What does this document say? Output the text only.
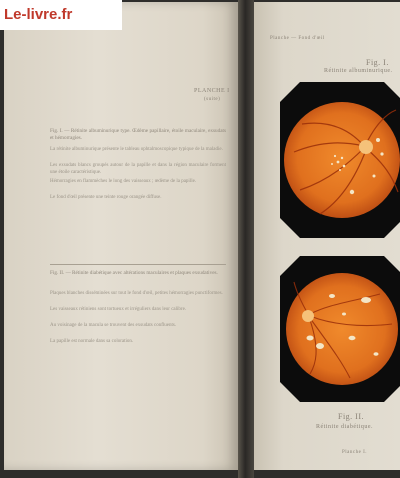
Le-livre.fr
PLANCHE I
(suite)
Fig. I. — Rétinite albuminurique type. Œdème papillaire, étoile maculaire, exsudats et hémorragies.
La rétinite albuminurique présente le tableau ophtalmoscopique typique de la maladie.
Les exsudats blancs groupés autour de la papille et dans la région maculaire forment une étoile caractéristique.
Hémorragies en flammèches le long des vaisseaux ; œdème de la papille.
Le fond d'œil présente une teinte rouge orangée diffuse.
Fig. II. — Rétinite diabétique avec altérations maculaires et plaques exsudatives.
Plaques blanches disséminées sur tout le fond d'œil, petites hémorragies punctiformes.
Les vaisseaux rétiniens sont tortueux et irréguliers dans leur calibre.
Au voisinage de la macula se trouvent des exsudats confluents.
La papille est normale dans sa coloration.
Planche — Fond d'œil
Fig. I.
Rétinite albuminurique.
Fig. II.
Rétinite diabétique.
Planche I.
